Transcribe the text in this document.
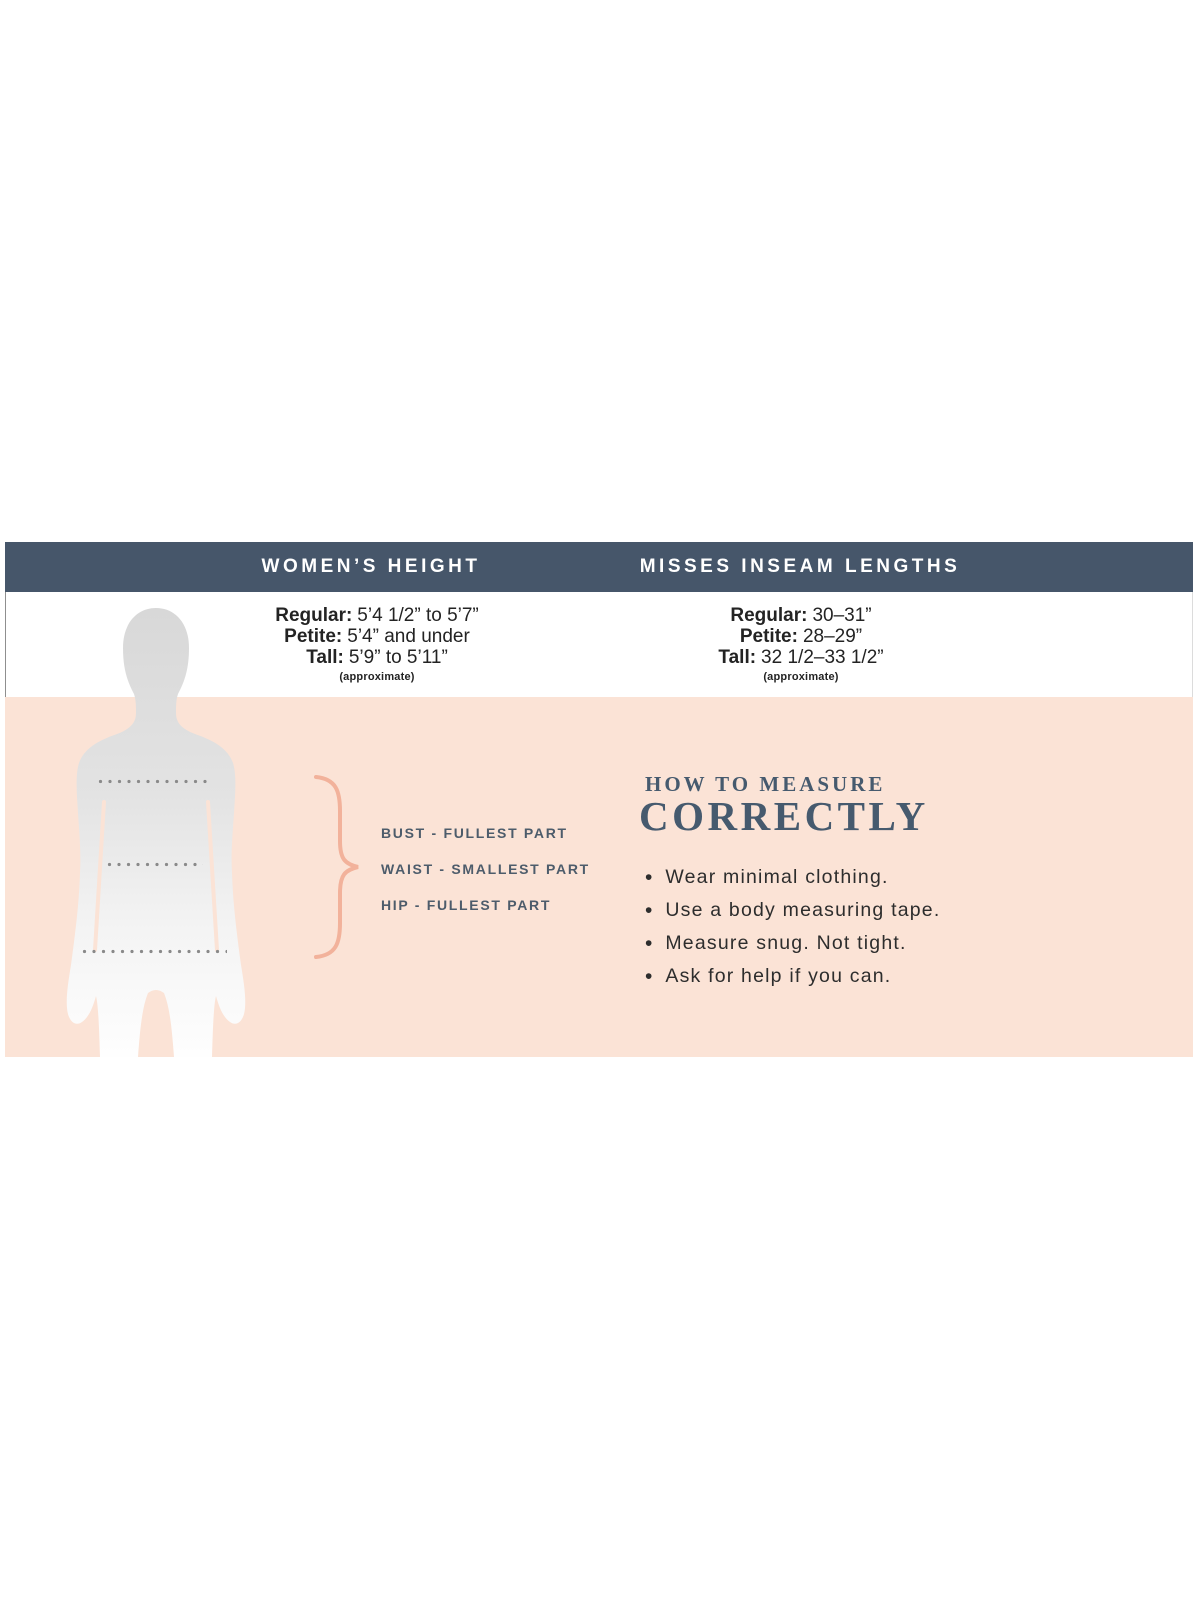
WOMEN’S HEIGHT	MISSES INSEAM LENGTHS
Regular: 5’4 1/2” to 5’7”
Petite: 5’4” and under
Tall: 5’9” to 5’11”
(approximate)
Regular: 30–31”
Petite: 28–29”
Tall: 32 1/2–33 1/2”
(approximate)
BUST - FULLEST PART
WAIST - SMALLEST PART
HIP - FULLEST PART
HOW TO MEASURE
CORRECTLY
• Wear minimal clothing.
• Use a body measuring tape.
• Measure snug. Not tight.
• Ask for help if you can.
